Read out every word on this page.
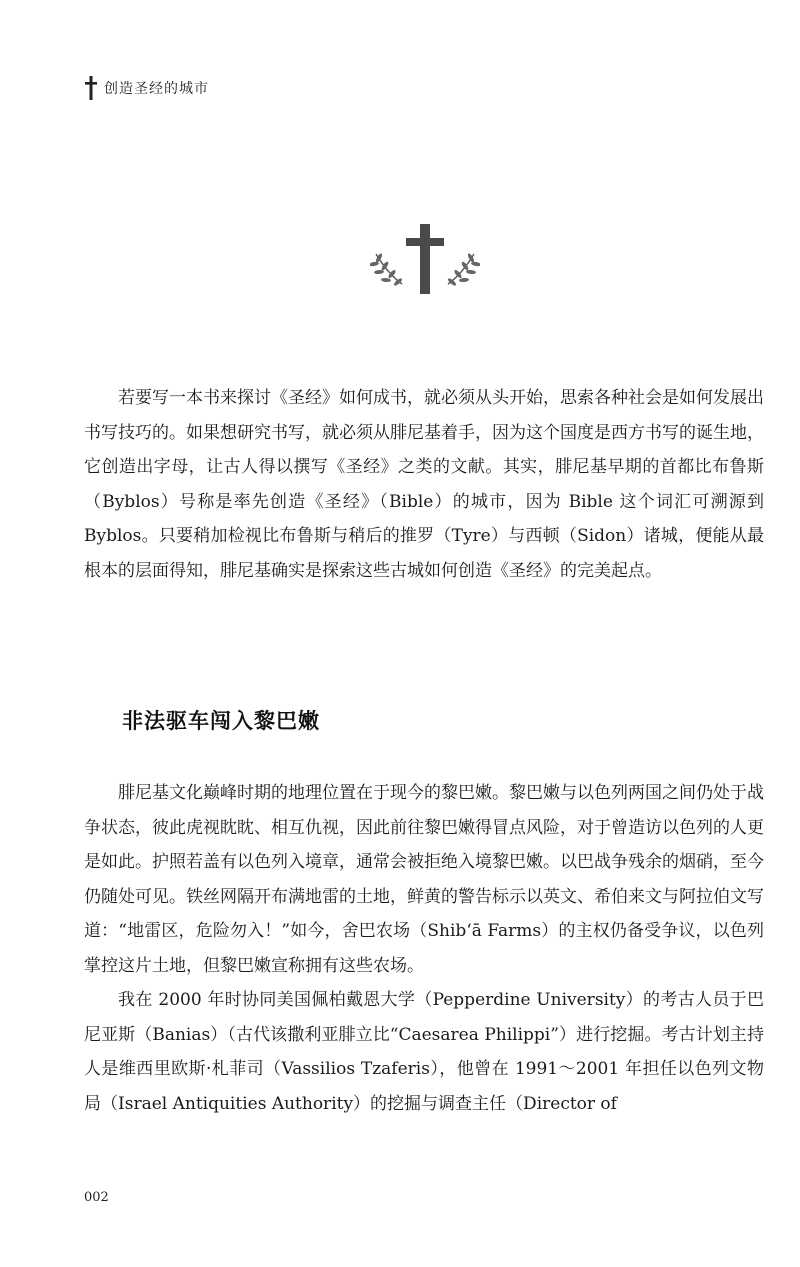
创造圣经的城市

若要写一本书来探讨《圣经》如何成书，就必须从头开始，思索各种社会是如何发展出书写技巧的。如果想研究书写，就必须从腓尼基着手，因为这个国度是西方书写的诞生地，它创造出字母，让古人得以撰写《圣经》之类的文献。其实，腓尼基早期的首都比布鲁斯（Byblos）号称是率先创造《圣经》（Bible）的城市，因为 Bible 这个词汇可溯源到 Byblos。只要稍加检视比布鲁斯与稍后的推罗（Tyre）与西顿（Sidon）诸城，便能从最根本的层面得知，腓尼基确实是探索这些古城如何创造《圣经》的完美起点。

非法驱车闯入黎巴嫩

腓尼基文化巅峰时期的地理位置在于现今的黎巴嫩。黎巴嫩与以色列两国之间仍处于战争状态，彼此虎视眈眈、相互仇视，因此前往黎巴嫩得冒点风险，对于曾造访以色列的人更是如此。护照若盖有以色列入境章，通常会被拒绝入境黎巴嫩。以巴战争残余的烟硝，至今仍随处可见。铁丝网隔开布满地雷的土地，鲜黄的警告标示以英文、希伯来文与阿拉伯文写道：“地雷区，危险勿入！”如今，舍巴农场（Shib‘ā Farms）的主权仍备受争议，以色列掌控这片土地，但黎巴嫩宣称拥有这些农场。

我在 2000 年时协同美国佩柏戴恩大学（Pepperdine University）的考古人员于巴尼亚斯（Banias）（古代该撒利亚腓立比“Caesarea Philippi”）进行挖掘。考古计划主持人是维西里欧斯·札菲司（Vassilios Tzaferis），他曾在 1991～2001 年担任以色列文物局（Israel Antiquities Authority）的挖掘与调查主任（Director of

002
